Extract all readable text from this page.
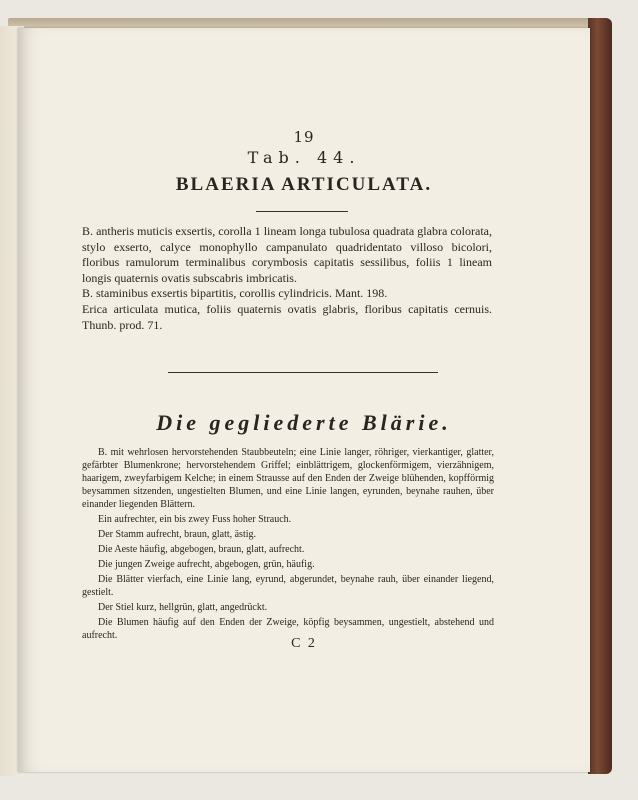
19
Tab. 44.
BLAERIA ARTICULATA.

B. antheris muticis exsertis, corolla 1 lineam longa tubulosa quadrata glabra colorata, stylo exserto, calyce monophyllo campanulato quadridentato villoso bicolori, floribus ramulorum terminalibus corymbosis capitatis sessilibus, foliis 1 lineam longis quaternis ovatis subscabris imbricatis.

B. staminibus exsertis bipartitis, corollis cylindricis. Mant. 198.

Erica articulata mutica, foliis quaternis ovatis glabris, floribus capitatis cernuis. Thunb. prod. 71.

Die gegliederte Blärie.

B. mit wehrlosen hervorstehenden Staubbeuteln; eine Linie langer, röhriger, vierkantiger, glatter, gefärbter Blumenkrone; hervorstehendem Griffel; einblättrigem, glockenförmigem, vierzähnigem, haarigem, zweyfarbigem Kelche; in einem Strausse auf den Enden der Zweige blühenden, kopfförmig beysammen sitzenden, ungestielten Blumen, und eine Linie langen, eyrunden, beynahe rauhen, über einander liegenden Blättern.

Ein aufrechter, ein bis zwey Fuss hoher Strauch.

Der Stamm aufrecht, braun, glatt, ästig.

Die Aeste häufig, abgebogen, braun, glatt, aufrecht.

Die jungen Zweige aufrecht, abgebogen, grün, häufig.

Die Blätter vierfach, eine Linie lang, eyrund, abgerundet, beynahe rauh, über einander liegend, gestielt.

Der Stiel kurz, hellgrün, glatt, angedrückt.

Die Blumen häufig auf den Enden der Zweige, köpfig beysammen, ungestielt, abstehend und aufrecht.

C 2
